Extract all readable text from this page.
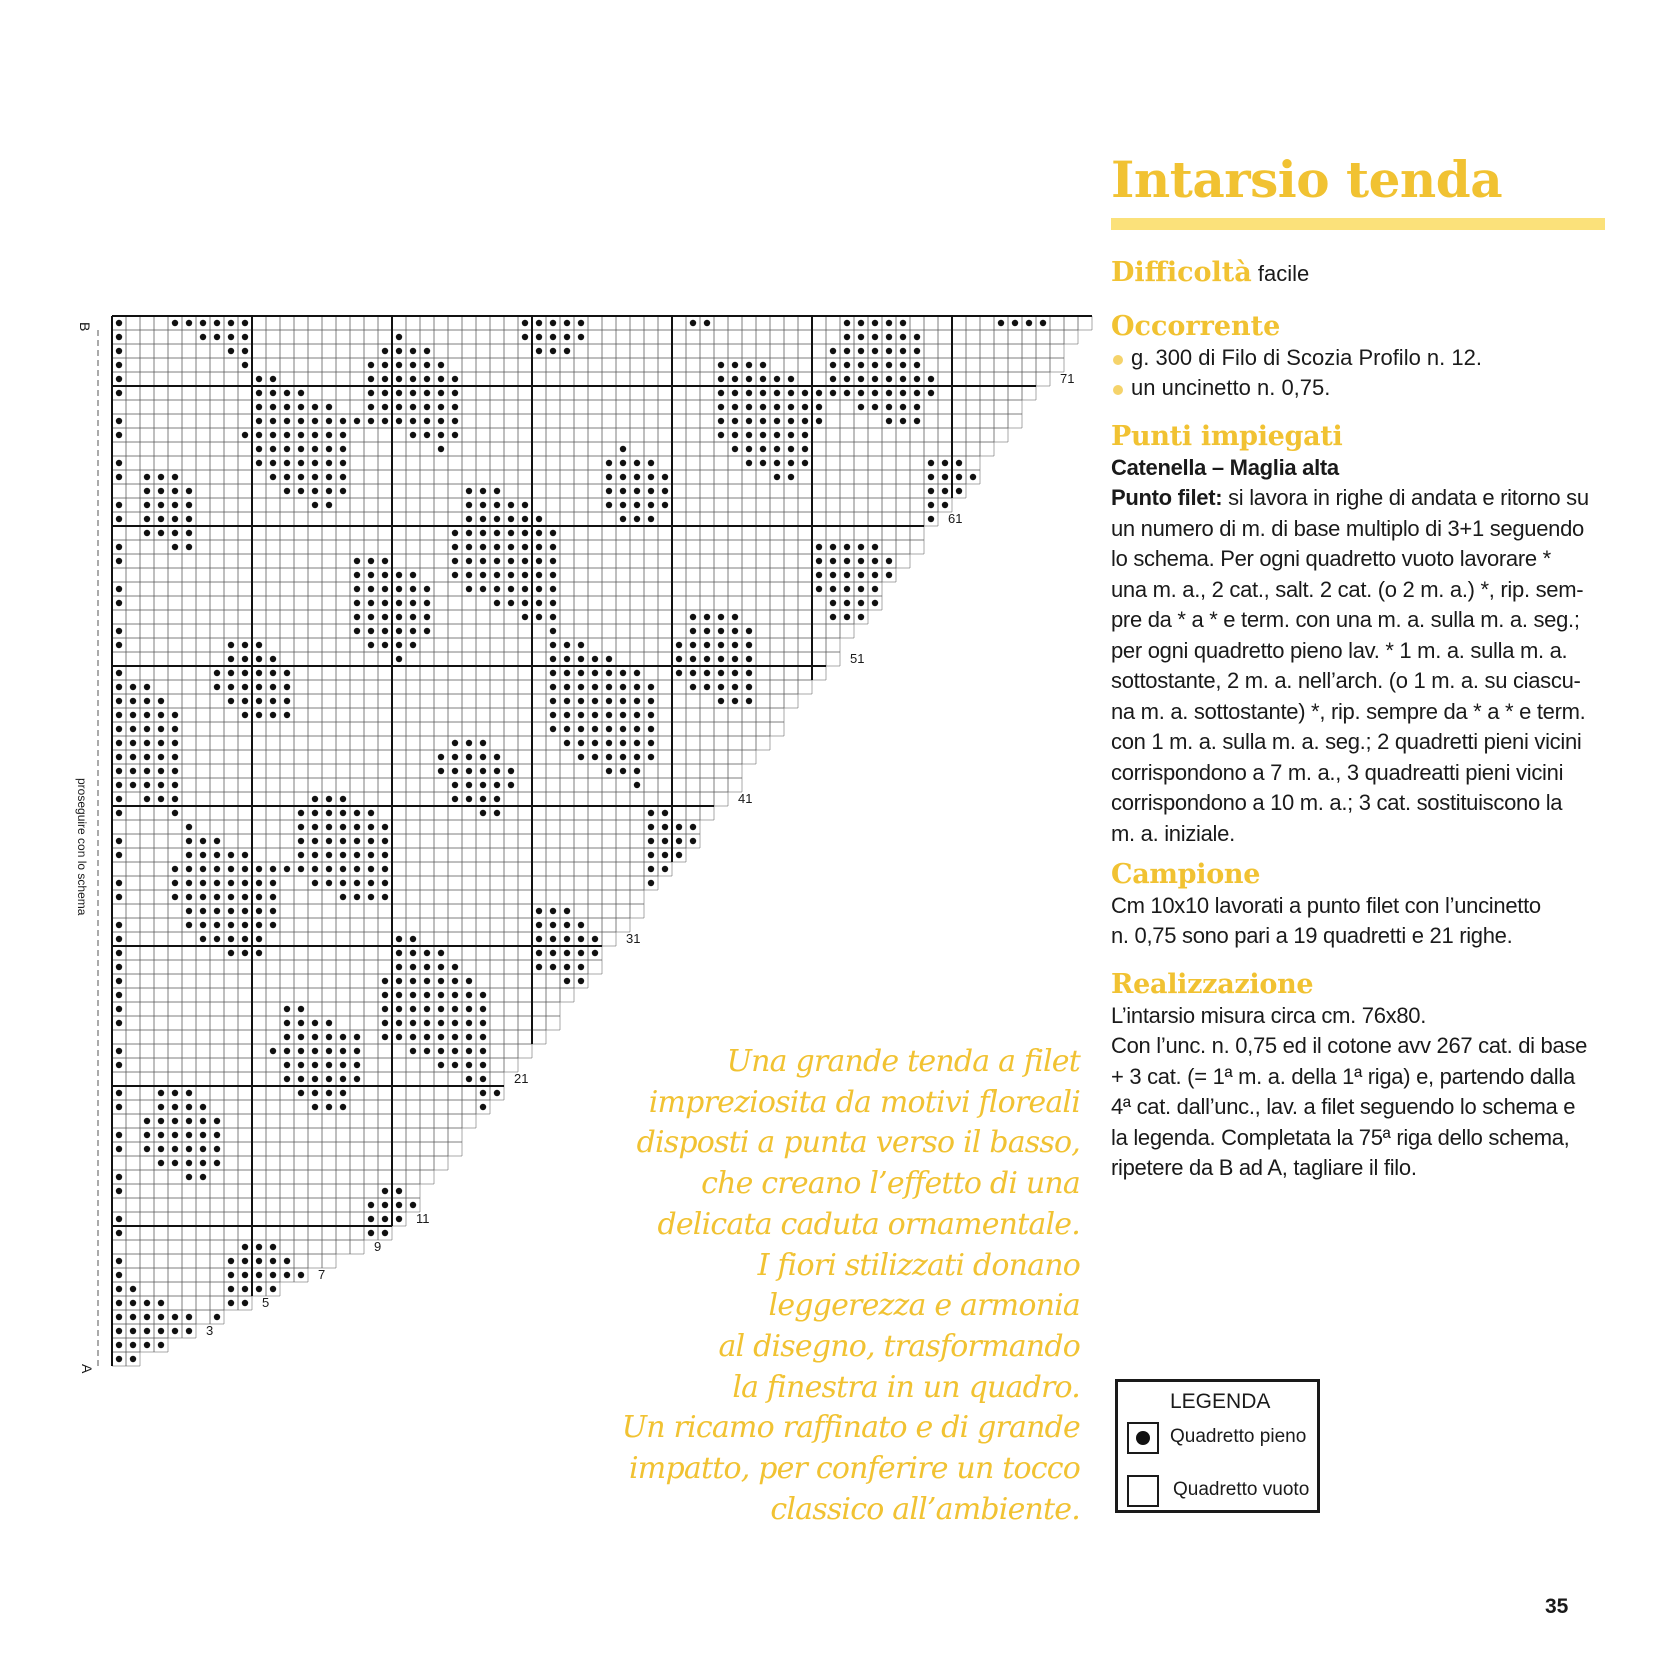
3
5
7
9
11
21
31
41
51
61
71
A
B
proseguire con lo schema
Intarsio tenda
Difficoltà facile
Occorrente
g. 300 di Filo di Scozia Profilo n. 12.
un uncinetto n. 0,75.
Punti impiegati
Catenella – Maglia alta
Punto filet: si lavora in righe di andata e ritorno su
un numero di m. di base multiplo di 3+1 seguendo
lo schema. Per ogni quadretto vuoto lavorare *
una m. a., 2 cat., salt. 2 cat. (o 2 m. a.) *, rip. sem-
pre da * a * e term. con una m. a. sulla m. a. seg.;
per ogni quadretto pieno lav. * 1 m. a. sulla m. a.
sottostante, 2 m. a. nell’arch. (o 1 m. a. su ciascu-
na m. a. sottostante) *, rip. sempre da * a * e term.
con 1 m. a. sulla m. a. seg.; 2 quadretti pieni vicini
corrispondono a 7 m. a., 3 quadreatti pieni vicini
corrispondono a 10 m. a.; 3 cat. sostituiscono la
m. a. iniziale.
Campione
Cm 10x10 lavorati a punto filet con l’uncinetto
n. 0,75 sono pari a 19 quadretti e 21 righe.
Realizzazione
L’intarsio misura circa cm. 76x80.
Con l’unc. n. 0,75 ed il cotone avv 267 cat. di base
+ 3 cat. (= 1ª m. a. della 1ª riga) e, partendo dalla
4ª cat. dall’unc., lav. a filet seguendo lo schema e
la legenda. Completata la 75ª riga dello schema,
ripetere da B ad A, tagliare il filo.
Una grande tenda a filet
impreziosita da motivi floreali
disposti a punta verso il basso,
che creano l’effetto di una
delicata caduta ornamentale.
I fiori stilizzati donano
leggerezza e armonia
al disegno, trasformando
la finestra in un quadro.
Un ricamo raffinato e di grande
impatto, per conferire un tocco
classico all’ambiente.
LEGENDA
Quadretto pieno
Quadretto vuoto
35
